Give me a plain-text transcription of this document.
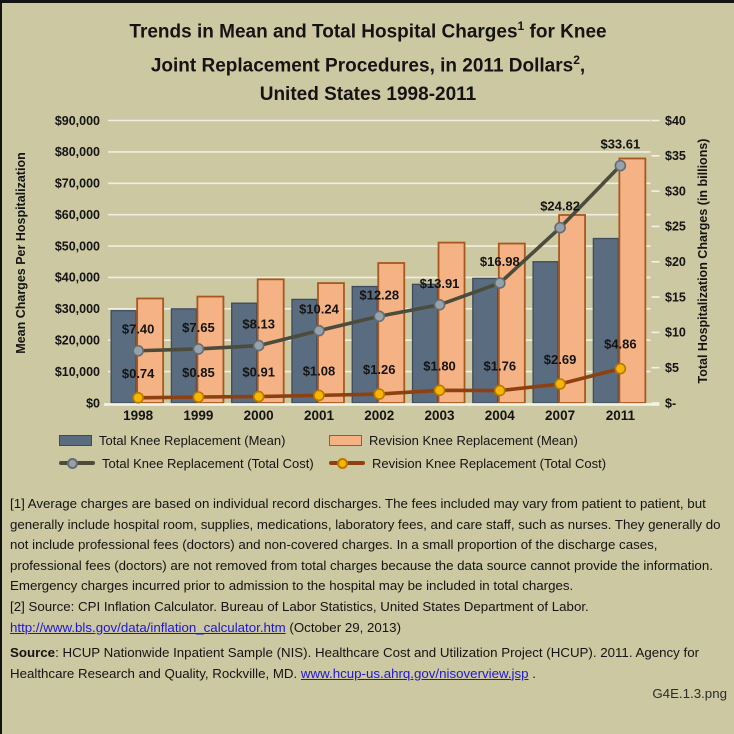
Trends in Mean and Total Hospital Charges$^1$ for Knee
Joint Replacement Procedures, in 2011 Dollars$^2$,
United States 1998-2011
$0
$10,000
$20,000
$30,000
$40,000
$50,000
$60,000
$70,000
$80,000
$90,000
$-
$5
$10
$15
$20
$25
$30
$35
$40
Mean Charges Per Hospitalization	Total Hospitalization Charges (in billions)
$7.40 $7.65 $8.13
$10.24
$12.28
$13.91
$16.98
$24.82
$33.61
$0.74 $0.85 $0.91 $1.08 $1.26 $1.80 $1.76 $2.69
$4.86
1998 1999 2000 2001 2002 2003 2004 2007 2011
Total Knee Replacement (Mean)	Revision Knee Replacement (Mean)
Total Knee Replacement (Total Cost)	Revision Knee Replacement (Total Cost)

[1] Average charges are based on individual record discharges. The fees included may vary from patient to patient, but generally include hospital room, supplies, medications, laboratory fees, and care staff, such as nurses. They generally do not include professional fees (doctors) and non-covered charges. In a small proportion of the discharge cases, professional fees (doctors) are not removed from total charges because the data source cannot provide the information. Emergency charges incurred prior to admission to the hospital may be included in total charges.

[2] Source: CPI Inflation Calculator. Bureau of Labor Statistics, United States Department of Labor. http://www.bls.gov/data/inflation_calculator.htm (October 29, 2013)

Source: HCUP Nationwide Inpatient Sample (NIS). Healthcare Cost and Utilization Project (HCUP). 2011. Agency for Healthcare Research and Quality, Rockville, MD. www.hcup-us.ahrq.gov/nisoverview.jsp .

G4E.1.3.png
